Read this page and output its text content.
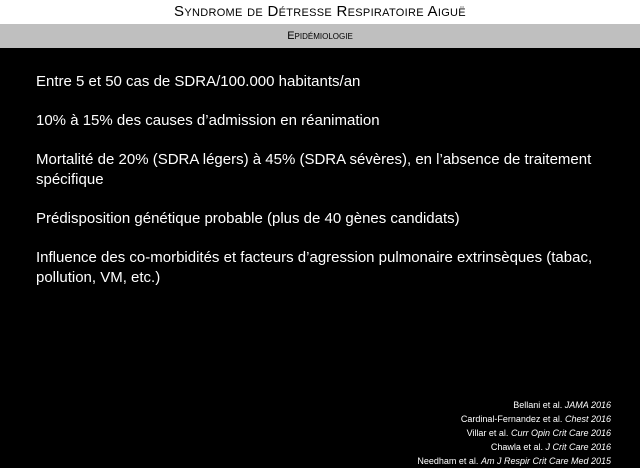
Syndrome de Détresse Respiratoire Aiguë
Epidémiologie
Entre 5 et 50 cas de SDRA/100.000 habitants/an
10% à 15% des causes d’admission en réanimation
Mortalité de 20% (SDRA légers) à 45% (SDRA sévères), en l’absence de traitement spécifique
Prédisposition génétique probable (plus de 40 gènes candidats)
Influence des co-morbidités et facteurs d’agression pulmonaire extrinsèques (tabac, pollution, VM, etc.)
Bellani et al. JAMA 2016
Cardinal-Fernandez et al. Chest 2016
Villar et al. Curr Opin Crit Care 2016
Chawla et al. J Crit Care 2016
Needham et al. Am J Respir Crit Care Med 2015
